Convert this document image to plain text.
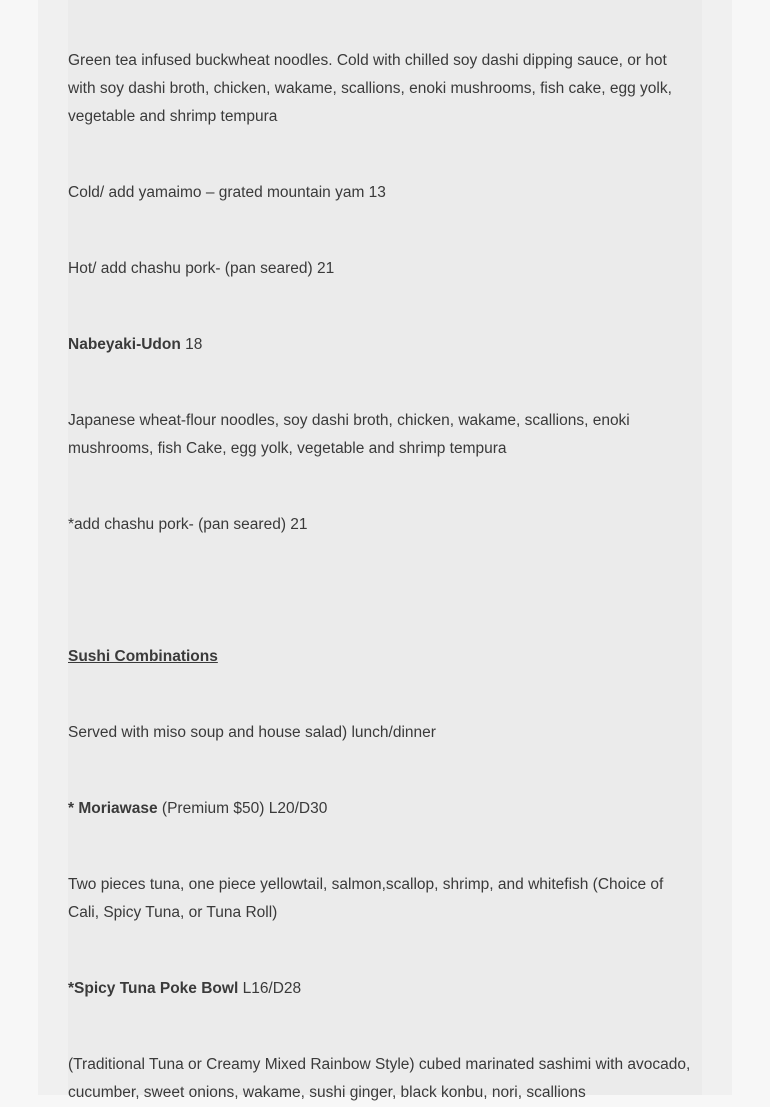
Green tea infused buckwheat noodles. Cold with chilled soy dashi dipping sauce, or hot with soy dashi broth, chicken, wakame, scallions, enoki mushrooms, fish cake, egg yolk, vegetable and shrimp tempura

Cold/ add yamaimo – grated mountain yam 13

Hot/ add chashu pork- (pan seared) 21

Nabeyaki-Udon 18

Japanese wheat-flour noodles, soy dashi broth, chicken, wakame, scallions, enoki mushrooms, fish Cake, egg yolk, vegetable and shrimp tempura

*add chashu pork- (pan seared) 21

Sushi Combinations

Served with miso soup and house salad) lunch/dinner

* Moriawase (Premium $50) L20/D30

Two pieces tuna, one piece yellowtail, salmon,scallop, shrimp, and whitefish (Choice of Cali, Spicy Tuna, or Tuna Roll)

*Spicy Tuna Poke Bowl L16/D28

(Traditional Tuna or Creamy Mixed Rainbow Style) cubed marinated sashimi with avocado, cucumber, sweet onions, wakame, sushi ginger, black konbu, nori, scallions
